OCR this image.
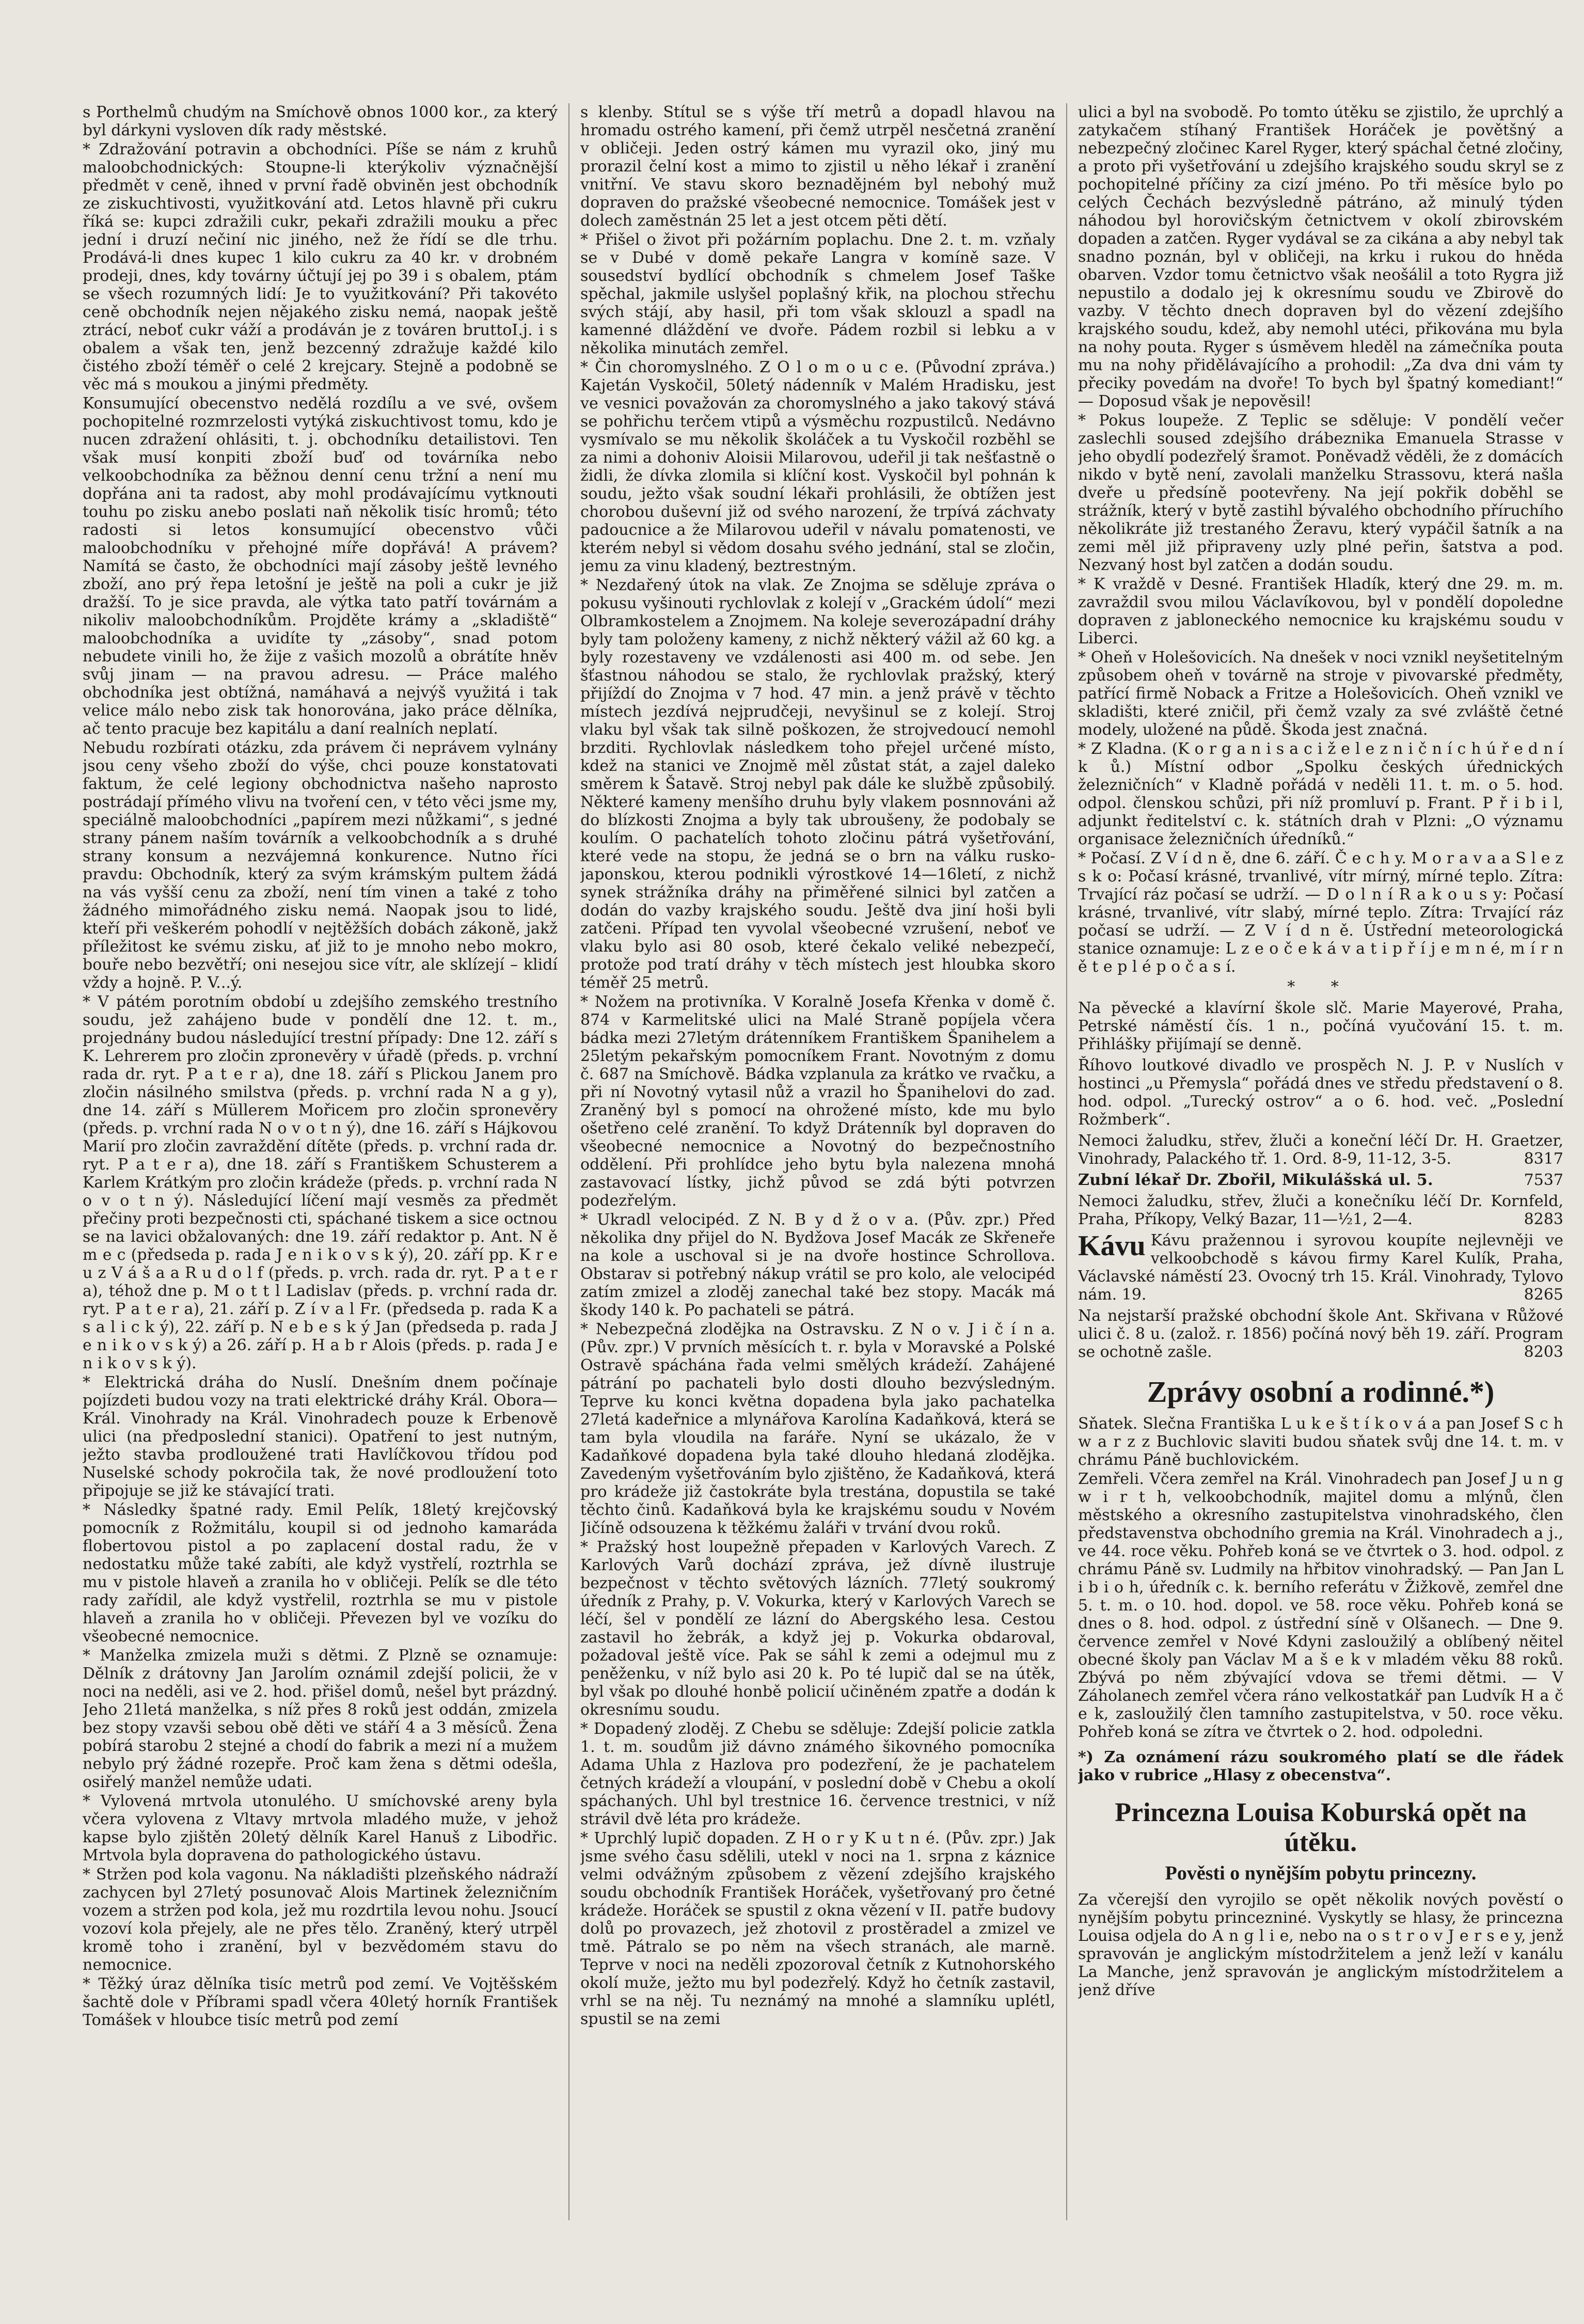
s Porthelmů chudým na Smíchově obnos 1000 kor., za který byl dárkyni vysloven dík rady městské.

* Zdražování potravin a obchodníci. Píše se nám z kruhů maloobchodnických: Stoupne-li kterýkoliv význačnější předmět v ceně, ihned v první řadě obviněn jest obchodník ze ziskuchtivosti, využitkování atd. Letos hlavně při cukru říká se: kupci zdražili cukr, pekaři zdražili mouku a přec jední i druzí nečiní nic jiného, než že řídí se dle trhu. Prodává-li dnes kupec 1 kilo cukru za 40 kr. v drobném prodeji, dnes, kdy továrny účtují jej po 39 i s obalem, ptám se všech rozumných lidí: Je to využitkování? Při takovéto ceně obchodník nejen nějakého zisku nemá, naopak ještě ztrácí, neboť cukr váží a prodáván je z továren bruttoI.j. i s obalem a však ten, jenž bezcenný zdražuje každé kilo čistého zboží téměř o celé 2 krejcary. Stejně a podobně se věc má s moukou a jinými předměty.

Konsumující obecenstvo nedělá rozdílu a ve své, ovšem pochopitelné rozmrzelosti vytýká ziskuchtivost tomu, kdo je nucen zdražení ohlásiti, t. j. obchodníku detailistovi. Ten však musí konpiti zboží buď od továrníka nebo velkoobchodníka za běžnou denní cenu tržní a není mu dopřána ani ta radost, aby mohl prodávajícímu vytknouti touhu po zisku anebo poslati naň několik tisíc hromů; této radosti si letos konsumující obecenstvo vůči maloobchodníku v přehojné míře dopřává! A právem? Namítá se často, že obchodníci mají zásoby ještě levného zboží, ano prý řepa letošní je ještě na poli a cukr je již dražší. To je sice pravda, ale výtka tato patří továrnám a nikoliv maloobchodníkům. Projděte krámy a „skladiště“ maloobchodníka a uvidíte ty „zásoby“, snad potom nebudete vinili ho, že žije z vašich mozolů a obrátíte hněv svůj jinam — na pravou adresu. — Práce malého obchodníka jest obtížná, namáhavá a nejvýš využitá i tak velice málo nebo zisk tak honorována, jako práce dělníka, ač tento pracuje bez kapitálu a daní realních neplatí.

Nebudu rozbírati otázku, zda právem či neprávem vylnány jsou ceny všeho zboží do výše, chci pouze konstatovati faktum, že celé legiony obchodnictva našeho naprosto postrádají přímého vlivu na tvoření cen, v této věci jsme my, speciálně maloobchodníci „papírem mezi nůžkami“, s jedné strany pánem naším továrník a velkoobchodník a s druhé strany konsum a nezvájemná konkurence. Nutno říci pravdu: Obchodník, který za svým krámským pultem žádá na vás vyšší cenu za zboží, není tím vinen a také z toho žádného mimořádného zisku nemá. Naopak jsou to lidé, kteří při veškerém pohodlí v nejtěžších dobách zákoně, jakž příležitost ke svému zisku, ať již to je mnoho nebo mokro, bouře nebo bezvětří; oni nesejou sice vítr, ale sklízejí – klidí vždy a hojně. P. V...ý.

* V pátém porotním období u zdejšího zemského trestního soudu, jež zahájeno bude v pondělí dne 12. t. m., projednány budou následující trestní případy: Dne 12. září s K. Lehrerem pro zločin zpronevěry v úřadě (předs. p. vrchní rada dr. ryt. P a t e r a), dne 18. září s Plickou Janem pro zločin násilného smilstva (předs. p. vrchní rada N a g y), dne 14. září s Müllerem Mořicem pro zločin spronevěry (předs. p. vrchní rada N o v o t n ý), dne 16. září s Hájkovou Marií pro zločin zavraždění dítěte (předs. p. vrchní rada dr. ryt. P a t e r a), dne 18. září s Františkem Schusterem a Karlem Krátkým pro zločin krádeže (předs. p. vrchní rada N o v o t n ý). Následující líčení mají vesměs za předmět přečiny proti bezpečnosti cti, spáchané tiskem a sice octnou se na lavici obžalovaných: dne 19. září redaktor p. Ant. N ě m e c (předseda p. rada J e n i k o v s k ý), 20. září pp. K r e u z V á š a a R u d o l f (předs. p. vrch. rada dr. ryt. P a t e r a), téhož dne p. M o t t l Ladislav (předs. p. vrchní rada dr. ryt. P a t e r a), 21. září p. Z í v a l Fr. (předseda p. rada K a s a l i c k ý), 22. září p. N e b e s k ý Jan (předseda p. rada J e n i k o v s k ý) a 26. září p. H a b r Alois (předs. p. rada J e n i k o v s k ý).

* Elektrická dráha do Nuslí. Dnešním dnem počínaje pojízdeti budou vozy na trati elektrické dráhy Král. Obora—Král. Vinohrady na Král. Vinohradech pouze k Erbenově ulici (na předposlední stanici). Opatření to jest nutným, ježto stavba prodloužené trati Havlíčkovou třídou pod Nuselské schody pokročila tak, že nové prodloužení toto připojuje se již ke stávající trati.

* Následky špatné rady. Emil Pelík, 18letý krejčovský pomocník z Rožmitálu, koupil si od jednoho kamaráda flobertovou pistol a po zaplacení dostal radu, že v nedostatku může také zabíti, ale když vystřelí, roztrhla se mu v pistole hlaveň a zranila ho v obličeji. Pelík se dle této rady zařídil, ale když vystřelil, roztrhla se mu v pistole hlaveň a zranila ho v obličeji. Převezen byl ve vozíku do všeobecné nemocnice.

* Manželka zmizela muži s dětmi. Z Plzně se oznamuje: Dělník z drátovny Jan Jarolím oznámil zdejší policii, že v noci na neděli, asi ve 2. hod. přišel domů, nešel byt prázdný. Jeho 21letá manželka, s níž přes 8 roků jest oddán, zmizela bez stopy vzavši sebou obě děti ve stáří 4 a 3 měsíců. Žena pobírá starobu 2 stejné a chodí do fabrik a mezi ní a mužem nebylo prý žádné rozepře. Proč kam žena s dětmi odešla, osiřelý manžel nemůže udati.

* Vylovená mrtvola utonulého. U smíchovské areny byla včera vylovena z Vltavy mrtvola mladého muže, v jehož kapse bylo zjištěn 20letý dělník Karel Hanuš z Libodřic. Mrtvola byla dopravena do pathologického ústavu.

* Stržen pod kola vagonu. Na nákladišti plzeňského nádraží zachycen byl 27letý posunovač Alois Martinek železničním vozem a stržen pod kola, jež mu rozdrtila levou nohu. Jsoucí vozoví kola přejely, ale ne přes tělo. Zraněný, který utrpěl kromě toho i zranění, byl v bezvědomém stavu do nemocnice.

* Těžký úraz dělníka tisíc metrů pod zemí. Ve Vojtěšském šachtě dole v Příbrami spadl včera 40letý horník František Tomášek v hloubce tisíc metrů pod zemí

s klenby. Stítul se s výše tří metrů a dopadl hlavou na hromadu ostrého kamení, při čemž utrpěl nesčetná zranění v obličeji. Jeden ostrý kámen mu vyrazil oko, jiný mu prorazil čelní kost a mimo to zjistil u něho lékař i zranění vnitřní. Ve stavu skoro beznadějném byl nebohý muž dopraven do pražské všeobecné nemocnice. Tomášek jest v dolech zaměstnán 25 let a jest otcem pěti dětí.

* Přišel o život při požárním poplachu. Dne 2. t. m. vzňaly se v Dubé v domě pekaře Langra v komíně saze. V sousedství bydlící obchodník s chmelem Josef Taške spěchal, jakmile uslyšel poplašný křik, na plochou střechu svých stájí, aby hasil, při tom však sklouzl a spadl na kamenné dláždění ve dvoře. Pádem rozbil si lebku a v několika minutách zemřel.

* Čin choromyslného. Z O l o m o u c e. (Původní zpráva.) Kajetán Vyskočil, 50letý nádenník v Malém Hradisku, jest ve vesnici považován za choromyslného a jako takový stává se pohřichu terčem vtipů a výsměchu rozpustilců. Nedávno vysmívalo se mu několik školáček a tu Vyskočil rozběhl se za nimi a dohoniv Aloisii Milarovou, udeřil ji tak nešťastně o židli, že dívka zlomila si klíční kost. Vyskočil byl pohnán k soudu, ježto však soudní lékaři prohlásili, že obtížen jest chorobou duševní již od svého narození, že trpívá záchvaty padoucnice a že Milarovou udeřil v návalu pomatenosti, ve kterém nebyl si vědom dosahu svého jednání, stal se zločin, jemu za vinu kladený, beztrestným.

* Nezdařený útok na vlak. Ze Znojma se sděluje zpráva o pokusu vyšinouti rychlovlak z kolejí v „Grackém údolí“ mezi Olbramkostelem a Znojmem. Na koleje severozápadní dráhy byly tam položeny kameny, z nichž některý vážil až 60 kg. a byly rozestaveny ve vzdálenosti asi 400 m. od sebe. Jen šťastnou náhodou se stalo, že rychlovlak pražský, který přijíždí do Znojma v 7 hod. 47 min. a jenž právě v těchto místech jezdívá nejprudčeji, nevyšinul se z kolejí. Stroj vlaku byl však tak silně poškozen, že strojvedoucí nemohl brzditi. Rychlovlak následkem toho přejel určené místo, kdež na stanici ve Znojmě měl zůstat stát, a zajel daleko směrem k Šatavě. Stroj nebyl pak dále ke službě způsobilý. Některé kameny menšího druhu byly vlakem posnnováni až do blízkosti Znojma a byly tak ubroušeny, že podobaly se koulím. O pachatelích tohoto zločinu pátrá vyšetřování, které vede na stopu, že jedná se o brn na válku rusko-japonskou, kterou podnikli výrostkové 14—16letí, z nichž synek strážníka dráhy na přiměřené silnici byl zatčen a dodán do vazby krajského soudu. Ještě dva jiní hoši byli zatčeni. Případ ten vyvolal všeobecné vzrušení, neboť ve vlaku bylo asi 80 osob, které čekalo veliké nebezpečí, protože pod tratí dráhy v těch místech jest hloubka skoro téměř 25 metrů.

* Nožem na protivníka. V Koralně Josefa Křenka v domě č. 874 v Karmelitské ulici na Malé Straně popíjela včera bádka mezi 27letým drátenníkem Františkem Španihelem a 25letým pekařským pomocníkem Frant. Novotným z domu č. 687 na Smíchově. Bádka vzplanula za krátko ve rvačku, a při ní Novotný vytasil nůž a vrazil ho Španihelovi do zad. Zraněný byl s pomocí na ohrožené místo, kde mu bylo ošetřeno celé zranění. To když Drátenník byl dopraven do všeobecné nemocnice a Novotný do bezpečnostního oddělení. Při prohlídce jeho bytu byla nalezena mnohá zastavovací lístky, jichž původ se zdá býti potvrzen podezřelým.

* Ukradl velocipéd. Z N. B y d ž o v a. (Pův. zpr.) Před několika dny přijel do N. Bydžova Josef Macák ze Skřeneře na kole a uschoval si je na dvoře hostince Schrollova. Obstarav si potřebný nákup vrátil se pro kolo, ale velocipéd zatím zmizel a zloděj zanechal také bez stopy. Macák má škody 140 k. Po pachateli se pátrá.

* Nebezpečná zlodějka na Ostravsku. Z N o v. J i č í n a. (Pův. zpr.) V prvních měsících t. r. byla v Moravské a Polské Ostravě spáchána řada velmi smělých krádeží. Zahájené pátrání po pachateli bylo dosti dlouho bezvýsledným. Teprve ku konci května dopadena byla jako pachatelka 27letá kadeřnice a mlynářova Karolína Kadaňková, která se tam byla vloudila na faráře. Nyní se ukázalo, že v Kadaňkové dopadena byla také dlouho hledaná zlodějka. Zavedeným vyšetřováním bylo zjištěno, že Kadaňková, která pro krádeže již častokráte byla trestána, dopustila se také těchto činů. Kadaňková byla ke krajskému soudu v Novém Jičíně odsouzena k těžkému žaláři v trvání dvou roků.

* Pražský host loupežně přepaden v Karlových Varech. Z Karlových Varů dochází zpráva, jež dívně ilustruje bezpečnost v těchto světových lázních. 77letý soukromý úředník z Prahy, p. V. Vokurka, který v Karlových Varech se léčí, šel v pondělí ze lázní do Abergského lesa. Cestou zastavil ho žebrák, a když jej p. Vokurka obdaroval, požadoval ještě více. Pak se sáhl k zemi a odejmul mu z peněženku, v níž bylo asi 20 k. Po té lupič dal se na útěk, byl však po dlouhé honbě policií učiněném zpatře a dodán k okresnímu soudu.

* Dopadený zloděj. Z Chebu se sděluje: Zdejší policie zatkla 1. t. m. soudům již dávno známého šikovného pomocníka Adama Uhla z Hazlova pro podezření, že je pachatelem četných krádeží a vloupání, v poslední době v Chebu a okolí spáchaných. Uhl byl trestnice 16. července trestnici, v níž strávil dvě léta pro krádeže.

* Uprchlý lupič dopaden. Z H o r y K u t n é. (Pův. zpr.) Jak jsme svého času sdělili, utekl v noci na 1. srpna z káznice velmi odvážným způsobem z vězení zdejšího krajského soudu obchodník František Horáček, vyšetřovaný pro četné krádeže. Horáček se spustil z okna vězení v II. patře budovy dolů po provazech, jež zhotovil z prostěradel a zmizel ve tmě. Pátralo se po něm na všech stranách, ale marně. Teprve v noci na neděli zpozoroval četník z Kutnohorského okolí muže, ježto mu byl podezřelý. Když ho četník zastavil, vrhl se na něj. Tu neznámý na mnohé a slamníku uplétl, spustil se na zemi

ulici a byl na svobodě. Po tomto útěku se zjistilo, že uprchlý a zatykačem stíhaný František Horáček je povětšný a nebezpečný zločinec Karel Ryger, který spáchal četné zločiny, a proto při vyšetřování u zdejšího krajského soudu skryl se z pochopitelné příčiny za cizí jméno. Po tři měsíce bylo po celých Čechách bezvýsledně pátráno, až minulý týden náhodou byl horovičským četnictvem v okolí zbirovském dopaden a zatčen. Ryger vydával se za cikána a aby nebyl tak snadno poznán, byl v obličeji, na krku i rukou do hněda obarven. Vzdor tomu četnictvo však neošálil a toto Rygra již nepustilo a dodalo jej k okresnímu soudu ve Zbirově do vazby. V těchto dnech dopraven byl do vězení zdejšího krajského soudu, kdež, aby nemohl utéci, přikována mu byla na nohy pouta. Ryger s úsměvem hleděl na zámečníka pouta mu na nohy přidělávajícího a prohodil: „Za dva dni vám ty přeciky povedám na dvoře! To bych byl špatný komediant!“ — Doposud však je nepověsil!

* Pokus loupeže. Z Teplic se sděluje: V pondělí večer zaslechli soused zdejšího drábeznika Emanuela Strasse v jeho obydlí podezřelý šramot. Poněvadž věděli, že z domácích nikdo v bytě není, zavolali manželku Strassovu, která našla dveře u předsíně pootevřeny. Na její pokřik doběhl se strážník, který v bytě zastihl bývalého obchodního příruchího několikráte již trestaného Žeravu, který vypáčil šatník a na zemi měl již připraveny uzly plné peřin, šatstva a pod. Nezvaný host byl zatčen a dodán soudu.

* K vraždě v Desné. František Hladík, který dne 29. m. m. zavraždil svou milou Václavíkovou, byl v pondělí dopoledne dopraven z jabloneckého nemocnice ku krajskému soudu v Liberci.

* Oheň v Holešovicích. Na dnešek v noci vznikl neyšetitelným způsobem oheň v továrně na stroje v pivovarské předměty, patřící firmě Noback a Fritze a Holešovicích. Oheň vznikl ve skladišti, které zničil, při čemž vzaly za své zvláště četné modely, uložené na půdě. Škoda jest značná.

* Z Kladna. (K o r g a n i s a c i ž e l e z n i č n í c h ú ř e d n í k ů.) Místní odbor „Spolku českých úřednických železničních“ v Kladně pořádá v neděli 11. t. m. o 5. hod. odpol. členskou schůzi, při níž promluví p. Frant. P ř i b i l, adjunkt ředitelství c. k. státních drah v Plzni: „O významu organisace železničních úředníků.“

* Počasí. Z V í d n ě, dne 6. září. Č e c h y. M o r a v a a S l e z s k o: Počasí krásné, trvanlivé, vítr mírný, mírné teplo. Zítra: Trvající ráz počasí se udrží. — D o l n í R a k o u s y: Počasí krásné, trvanlivé, vítr slabý, mírné teplo. Zítra: Trvající ráz počasí se udrží. — Z V í d n ě. Ústřední meteorologická stanice oznamuje: L z e o č e k á v a t i p ř í j e m n é, m í r n ě t e p l é p o č a s í.

* *
Na pěvecké a klavírní škole slč. Marie Mayerové, Praha, Petrské náměstí čís. 1 n., počíná vyučování 15. t. m. Přihlášky přijímají se denně.
Říhovo loutkové divadlo ve prospěch N. J. P. v Nuslích v hostinci „u Přemysla“ pořádá dnes ve středu představení o 8. hod. odpol. „Turecký ostrov“ a o 6. hod. več. „Poslední Rožmberk“.
Nemoci žaludku, střev, žluči a koneční léčí Dr. H. Graetzer, Vinohrady, Palackého tř. 1. Ord. 8-9, 11-12, 3-5.	8317
Zubní lékař Dr. Zbořil, Mikulášská ul. 5.	7537
Nemoci žaludku, střev, žluči a konečníku léčí Dr. Kornfeld, Praha, Příkopy, Velký Bazar, 11—½1, 2—4.	8283
Kávu Kávu pražennou i syrovou koupíte nejlevněji ve velkoobchodě s kávou firmy Karel Kulík, Praha, Václavské náměstí 23. Ovocný trh 15. Král. Vinohrady, Tylovo nám. 19.	8265
Na nejstarší pražské obchodní škole Ant. Skřivana v Růžové ulici č. 8 u. (založ. r. 1856) počíná nový běh 19. září. Program se ochotně zašle.	8203
Zprávy osobní a rodinné.*)

Sňatek. Slečna Františka L u k e š t í k o v á a pan Josef S c h w a r z z Buchlovic slaviti budou sňatek svůj dne 14. t. m. v chrámu Páně buchlovickém.

Zemřeli. Včera zemřel na Král. Vinohradech pan Josef J u n g w i r t h, velkoobchodník, majitel domu a mlýnů, člen městského a okresního zastupitelstva vinohradského, člen představenstva obchodního gremia na Král. Vinohradech a j., ve 44. roce věku. Pohřeb koná se ve čtvrtek o 3. hod. odpol. z chrámu Páně sv. Ludmily na hřbitov vinohradský. — Pan Jan L i b i o h, úředník c. k. berního referátu v Žižkově, zemřel dne 5. t. m. o 10. hod. dopol. ve 58. roce věku. Pohřeb koná se dnes o 8. hod. odpol. z ústřední síně v Olšanech. — Dne 9. července zemřel v Nové Kdyni zasloužilý a oblíbený něitel obecné školy pan Václav M a š e k v mladém věku 88 roků. Zbývá po něm zbývající vdova se třemi dětmi. — V Záholanech zemřel včera ráno velkostatkář pan Ludvík H a č e k, zasloužilý člen tamního zastupitelstva, v 50. roce věku. Pohřeb koná se zítra ve čtvrtek o 2. hod. odpoledni.

*) Za oznámení rázu soukromého platí se dle řádek jako v rubrice „Hlasy z obecenstva“.
Princezna Louisa Koburská opět na útěku.
Pověsti o nynějším pobytu princezny.

Za včerejší den vyrojilo se opět několik nových pověstí o nynějším pobytu princezniné. Vyskytly se hlasy, že princezna Louisa odjela do A n g l i e, nebo na o s t r o v J e r s e y, jenž spravován je anglickým místodržitelem a jenž leží v kanálu La Manche, jenž spravován je anglickým místodržitelem a jenž dříve
